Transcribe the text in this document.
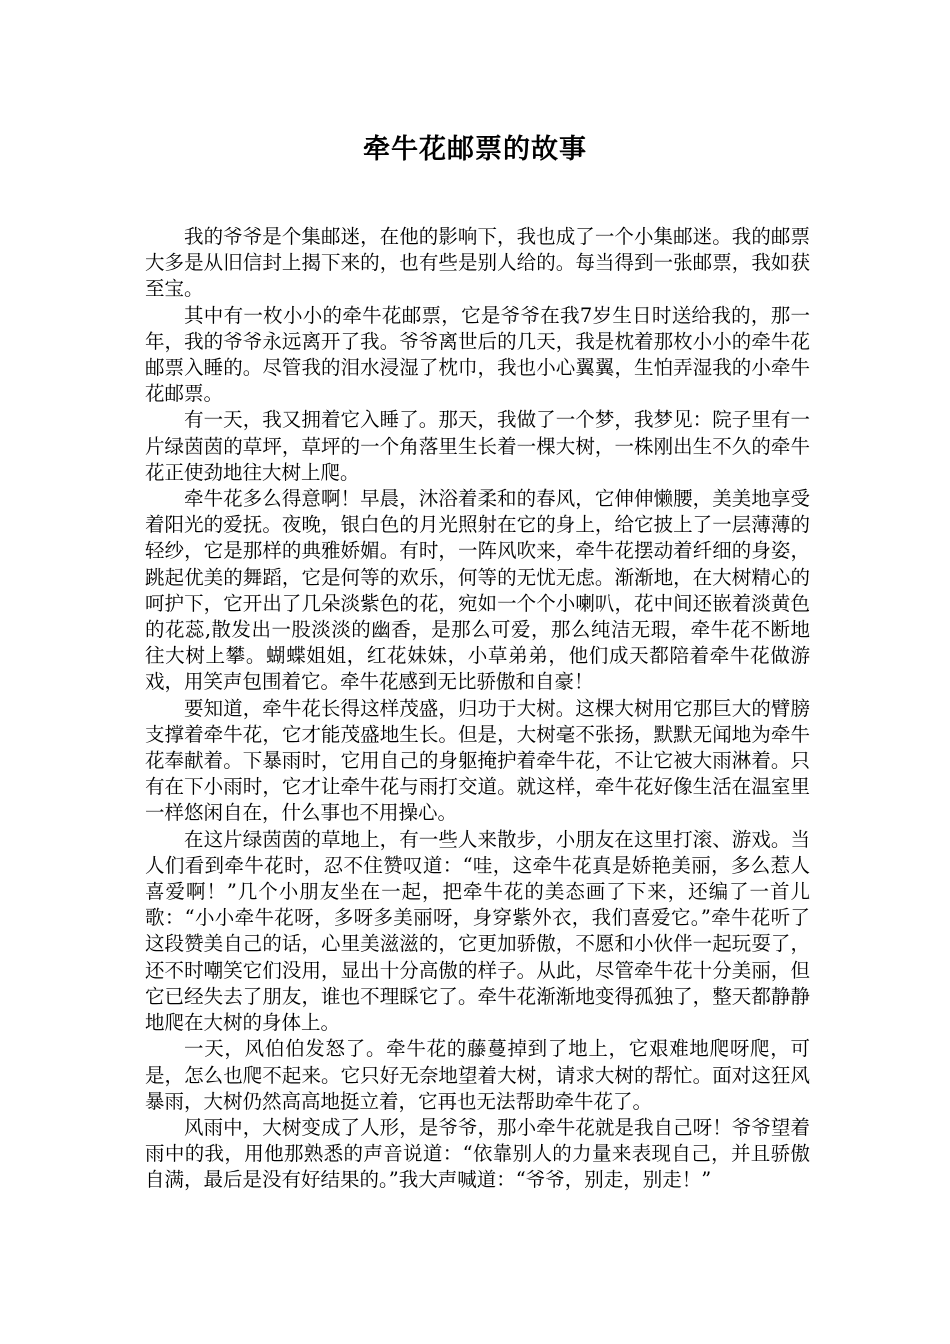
牵牛花邮票的故事

我的爷爷是个集邮迷，在他的影响下，我也成了一个小集邮迷。我的邮票大多是从旧信封上揭下来的，也有些是别人给的。每当得到一张邮票，我如获至宝。

其中有一枚小小的牵牛花邮票，它是爷爷在我7岁生日时送给我的，那一年，我的爷爷永远离开了我。爷爷离世后的几天，我是枕着那枚小小的牵牛花邮票入睡的。尽管我的泪水浸湿了枕巾，我也小心翼翼，生怕弄湿我的小牵牛花邮票。

有一天，我又拥着它入睡了。那天，我做了一个梦，我梦见：院子里有一片绿茵茵的草坪，草坪的一个角落里生长着一棵大树，一株刚出生不久的牵牛花正使劲地往大树上爬。

牵牛花多么得意啊！早晨，沐浴着柔和的春风，它伸伸懒腰，美美地享受着阳光的爱抚。夜晚，银白色的月光照射在它的身上，给它披上了一层薄薄的轻纱，它是那样的典雅娇媚。有时，一阵风吹来，牵牛花摆动着纤细的身姿，跳起优美的舞蹈，它是何等的欢乐，何等的无忧无虑。渐渐地，在大树精心的呵护下，它开出了几朵淡紫色的花，宛如一个个小喇叭，花中间还嵌着淡黄色的花蕊,散发出一股淡淡的幽香，是那么可爱，那么纯洁无瑕，牵牛花不断地往大树上攀。蝴蝶姐姐，红花妹妹，小草弟弟，他们成天都陪着牵牛花做游戏，用笑声包围着它。牵牛花感到无比骄傲和自豪！

要知道，牵牛花长得这样茂盛，归功于大树。这棵大树用它那巨大的臂膀支撑着牵牛花，它才能茂盛地生长。但是，大树毫不张扬，默默无闻地为牵牛花奉献着。下暴雨时，它用自己的身躯掩护着牵牛花，不让它被大雨淋着。只有在下小雨时，它才让牵牛花与雨打交道。就这样，牵牛花好像生活在温室里一样悠闲自在，什么事也不用操心。

在这片绿茵茵的草地上，有一些人来散步，小朋友在这里打滚、游戏。当人们看到牵牛花时，忍不住赞叹道：“哇，这牵牛花真是娇艳美丽，多么惹人喜爱啊！”几个小朋友坐在一起，把牵牛花的美态画了下来，还编了一首儿歌：“小小牵牛花呀，多呀多美丽呀，身穿紫外衣，我们喜爱它。”牵牛花听了这段赞美自己的话，心里美滋滋的，它更加骄傲，不愿和小伙伴一起玩耍了，还不时嘲笑它们没用，显出十分高傲的样子。从此，尽管牵牛花十分美丽，但它已经失去了朋友，谁也不理睬它了。牵牛花渐渐地变得孤独了，整天都静静地爬在大树的身体上。

一天，风伯伯发怒了。牵牛花的藤蔓掉到了地上，它艰难地爬呀爬，可是，怎么也爬不起来。它只好无奈地望着大树，请求大树的帮忙。面对这狂风暴雨，大树仍然高高地挺立着，它再也无法帮助牵牛花了。

风雨中，大树变成了人形，是爷爷，那小牵牛花就是我自己呀！爷爷望着雨中的我，用他那熟悉的声音说道：“依靠别人的力量来表现自己，并且骄傲自满，最后是没有好结果的。”我大声喊道：“爷爷，别走，别走！”
